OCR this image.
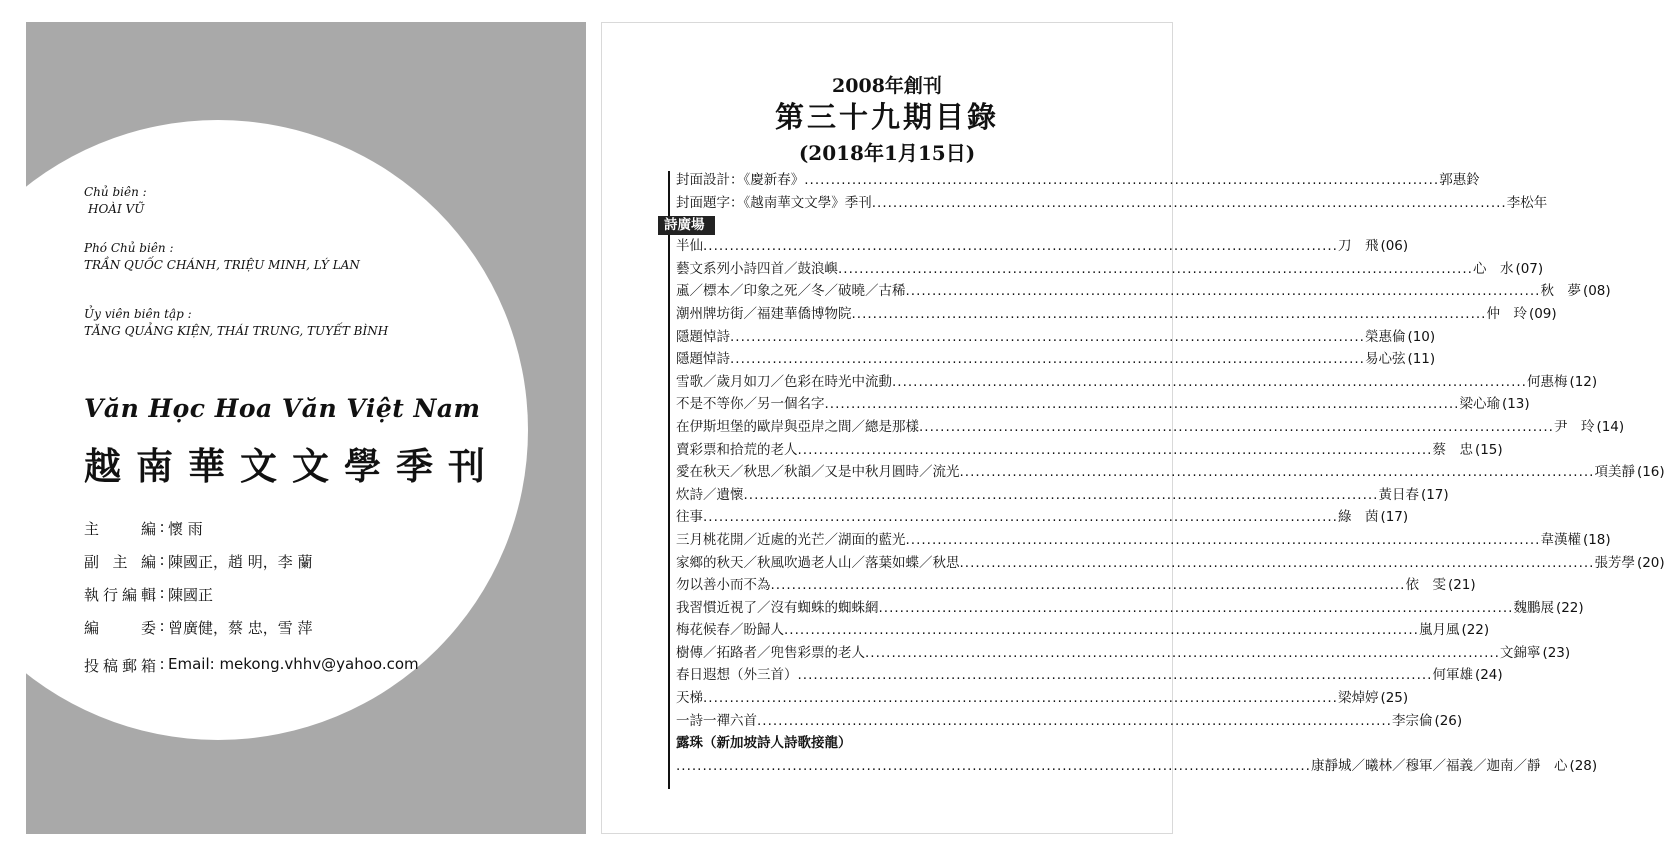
Chủ biên :
HOÀI VŨ
Phó Chủ biên :
TRẦN QUỐC CHÁNH, TRIỆU MINH, LÝ LAN
Ủy viên biên tập :
TĂNG QUẢNG KIỆN, THÁI TRUNG, TUYẾT BÌNH
Văn Học Hoa Văn Việt Nam
越南華文文學季刊
主編 : 懷 雨
副主編 : 陳國正，趙 明，李 蘭
執行編輯 : 陳國正
編委 : 曾廣健，蔡 忠，雪 萍
投稿郵箱 : Email: mekong.vhhv@yahoo.com
2008年創刊
第三十九期目錄
(2018年1月15日)
封面設計：《慶新春》 .....	郭惠鈴
封面題字：《越南華文文學》季刊 .....	李松年
詩廣場
半仙 .....	刀　飛 (06)
藝文系列小詩四首／鼓浪嶼 .....	心　水 (07)
颪／標本／印象之死／冬／破曉／古稀 .....	秋　夢 (08)
潮州牌坊街／福建華僑博物院 .....	仲　玲 (09)
隱題悼詩 .....	榮惠倫 (10)
隱題悼詩 .....	易心弦 (11)
雪歌／歲月如刀／色彩在時光中流動 .....	何惠梅 (12)
不是不等你／另一個名字 .....	梁心瑜 (13)
在伊斯坦堡的歐岸與亞岸之間／總是那樣 .....	尹　玲 (14)
賣彩票和拾荒的老人 .....	蔡　忠 (15)
愛在秋天／秋思／秋韻／又是中秋月圓時／流光 .....	項美靜 (16)
炊詩／遺懷 .....	黃日春 (17)
往事 .....	綠　茵 (17)
三月桃花開／近處的光芒／湖面的藍光 .....	韋漢權 (18)
家鄉的秋天／秋風吹過老人山／落葉如蝶／秋思 .....	張芳學 (20)
勿以善小而不為 .....	依　雯 (21)
我習慣近視了／沒有蜘蛛的蜘蛛網 .....	魏鵬展 (22)
梅花候春／盼歸人 .....	嵐月風 (22)
樹傳／拓路者／兜售彩票的老人 .....	文錦寧 (23)
春日遐想（外三首） .....	何軍雄 (24)
天梯 .....	梁焯婷 (25)
一詩一禪六首 .....	李宗倫 (26)
露珠（新加坡詩人詩歌接龍）
.....
康靜城／曦林／穆軍／福義／迦南／靜　心 (28)
